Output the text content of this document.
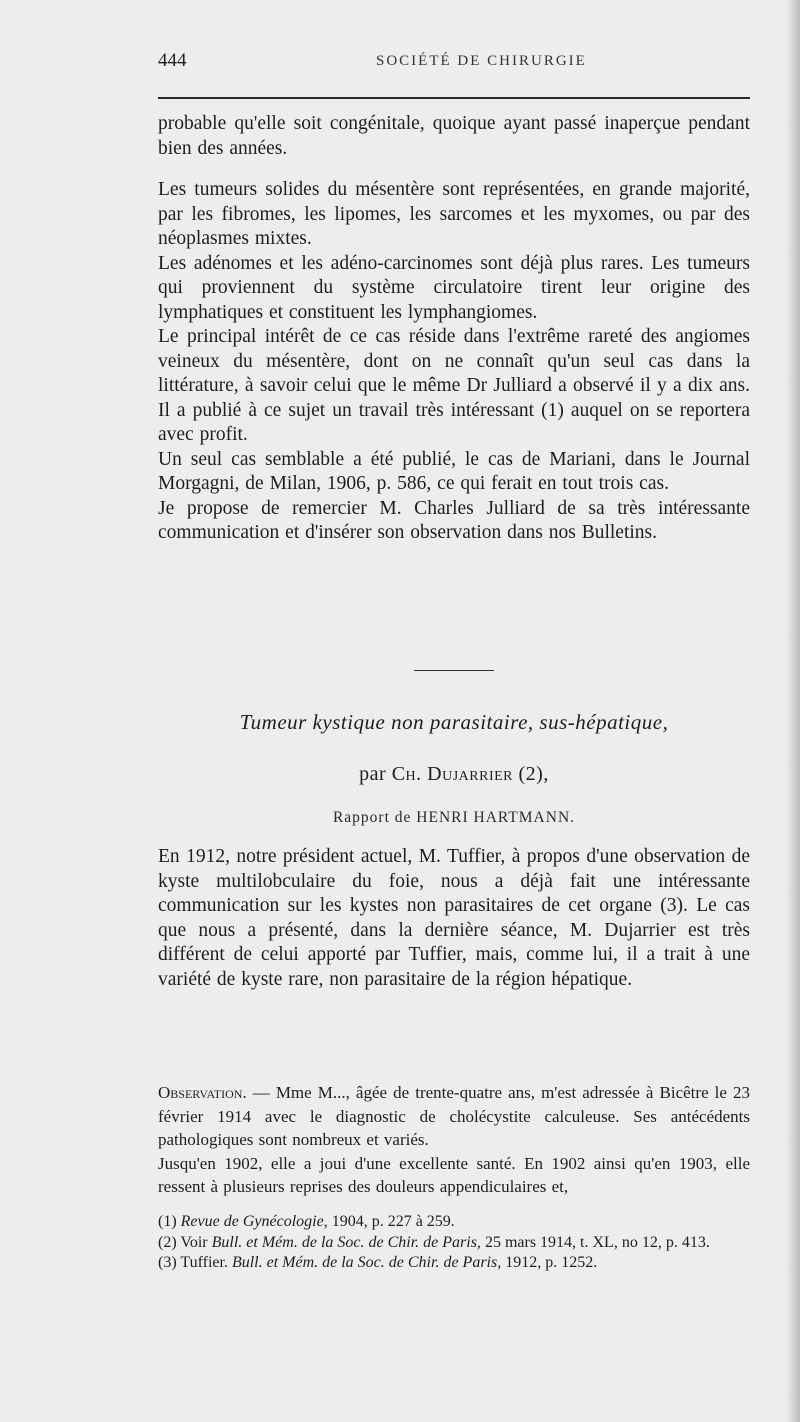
444	SOCIÉTÉ DE CHIRURGIE

probable qu'elle soit congénitale, quoique ayant passé inaperçue pendant bien des années.

Les tumeurs solides du mésentère sont représentées, en grande majorité, par les fibromes, les lipomes, les sarcomes et les myxomes, ou par des néoplasmes mixtes.

Les adénomes et les adéno-carcinomes sont déjà plus rares. Les tumeurs qui proviennent du système circulatoire tirent leur origine des lymphatiques et constituent les lymphangiomes.

Le principal intérêt de ce cas réside dans l'extrême rareté des angiomes veineux du mésentère, dont on ne connaît qu'un seul cas dans la littérature, à savoir celui que le même Dr Julliard a observé il y a dix ans. Il a publié à ce sujet un travail très intéressant (1) auquel on se reportera avec profit.

Un seul cas semblable a été publié, le cas de Mariani, dans le Journal Morgagni, de Milan, 1906, p. 586, ce qui ferait en tout trois cas.

Je propose de remercier M. Charles Julliard de sa très intéressante communication et d'insérer son observation dans nos Bulletins.

Tumeur kystique non parasitaire, sus-hépatique,
par Ch. Dujarrier (2),
Rapport de HENRI HARTMANN.

En 1912, notre président actuel, M. Tuffier, à propos d'une observation de kyste multilobculaire du foie, nous a déjà fait une intéressante communication sur les kystes non parasitaires de cet organe (3). Le cas que nous a présenté, dans la dernière séance, M. Dujarrier est très différent de celui apporté par Tuffier, mais, comme lui, il a trait à une variété de kyste rare, non parasitaire de la région hépatique.

Observation. — Mme M..., âgée de trente-quatre ans, m'est adressée à Bicêtre le 23 février 1914 avec le diagnostic de cholécystite calculeuse. Ses antécédents pathologiques sont nombreux et variés.

Jusqu'en 1902, elle a joui d'une excellente santé. En 1902 ainsi qu'en 1903, elle ressent à plusieurs reprises des douleurs appendiculaires et,

(1) Revue de Gynécologie, 1904, p. 227 à 259.

(2) Voir Bull. et Mém. de la Soc. de Chir. de Paris, 25 mars 1914, t. XL, no 12, p. 413.

(3) Tuffier. Bull. et Mém. de la Soc. de Chir. de Paris, 1912, p. 1252.
